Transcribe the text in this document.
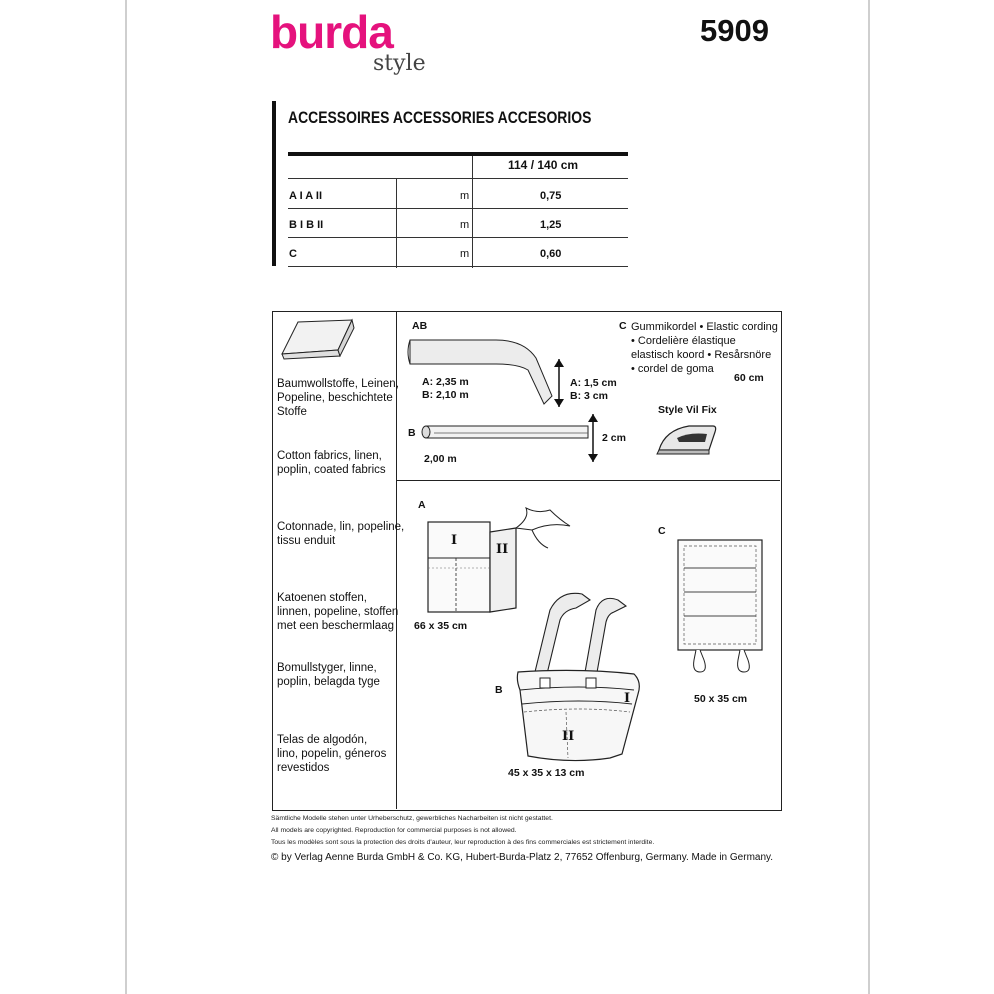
burda
style
5909
ACCESSOIRES ACCESSORIES ACCESORIOS
114 / 140 cm
A I A II	m	0,75
B I B II	m	1,25
C	m	0,60
Baumwollstoffe, Leinen,
Popeline, beschichtete
Stoffe
Cotton fabrics, linen,
poplin, coated fabrics
Cotonnade, lin, popeline,
tissu enduit
Katoenen stoffen,
linnen, popeline, stoffen
met een beschermlaag
Bomullstyger, linne,
poplin, belagda tyge
Telas de algodón,
lino, popelin, géneros
revestidos
AB
A: 2,35 m
B: 2,10 m
A: 1,5 cm
B: 3 cm
B	2 cm
2,00 m
C Gummikordel • Elastic cording
• Cordelière élastique
elastisch koord • Resårsnöre
• cordel de goma
60 cm
Style Vil Fix
A
I
II
66 x 35 cm
B
I
II
45 x 35 x 13 cm
C
50 x 35 cm
Sämtliche Modelle stehen unter Urheberschutz, gewerbliches Nacharbeiten ist nicht gestattet.
All models are copyrighted. Reproduction for commercial purposes is not allowed.
Tous les modèles sont sous la protection des droits d'auteur, leur reproduction à des fins commerciales est strictement interdite.
© by Verlag Aenne Burda GmbH & Co. KG, Hubert-Burda-Platz 2, 77652 Offenburg, Germany. Made in Germany.
